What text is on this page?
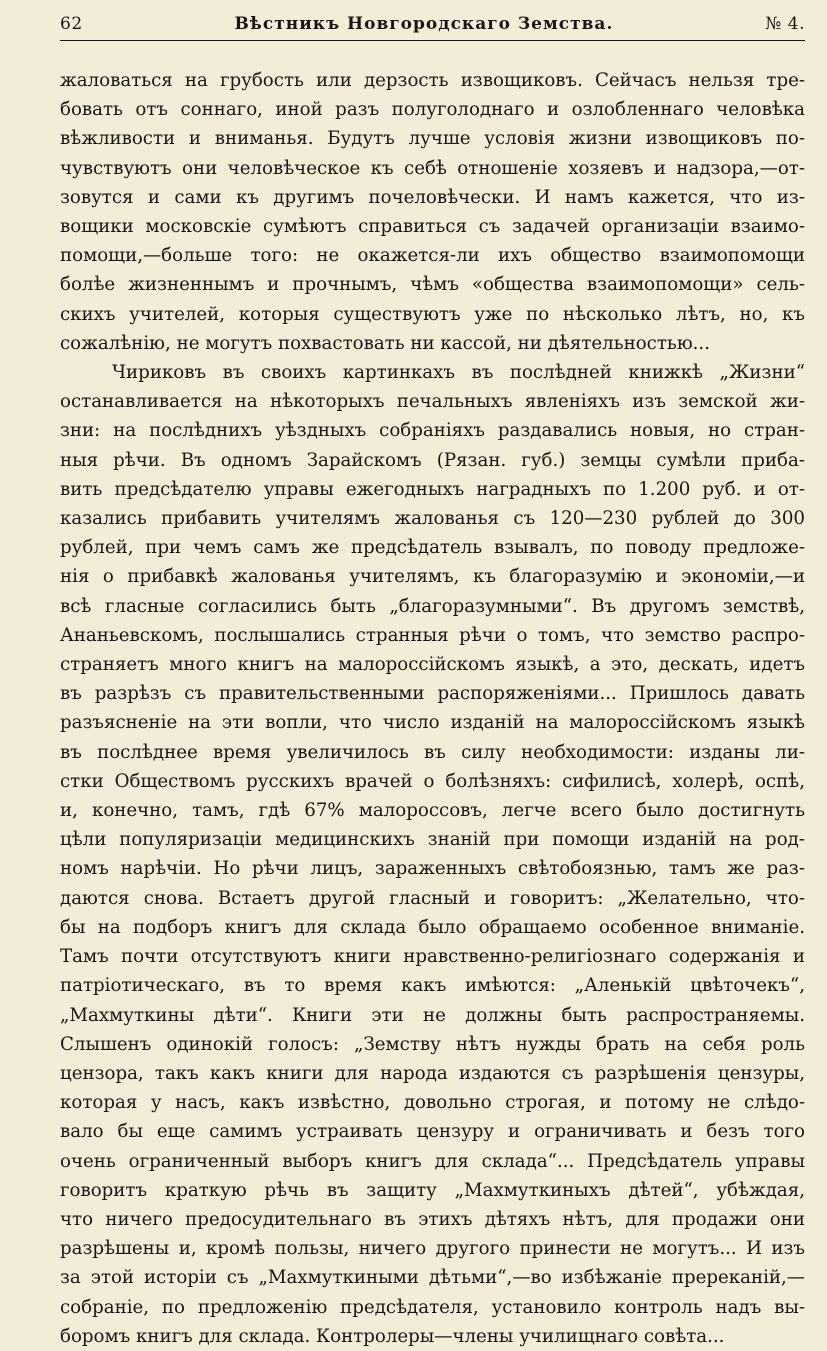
62	Вѣстникъ Новгородскаго Земства.	№ 4.
жаловаться на грубость или дерзость извощиковъ. Сейчасъ нельзя тре-
бовать отъ соннаго, иной разъ полуголоднаго и озлобленнаго человѣка
вѣжливости и вниманья. Будутъ лучше условія жизни извощиковъ по-
чувствуютъ они человѣческое къ себѣ отношеніе хозяевъ и надзора,—от-
зовутся и сами къ другимъ почеловѣчески. И намъ кажется, что из-
вощики московскіе сумѣютъ справиться съ задачей организаціи взаимо-
помощи,—больше того: не окажется-ли ихъ общество взаимопомощи
болѣе жизненнымъ и прочнымъ, чѣмъ «общества взаимопомощи» сель-
скихъ учителей, которыя существуютъ уже по нѣсколько лѣтъ, но, къ
сожалѣнію, не могутъ похвастовать ни кассой, ни дѣятельностью...
Чириковъ въ своихъ картинкахъ въ послѣдней книжкѣ „Жизни“
останавливается на нѣкоторыхъ печальныхъ явленіяхъ изъ земской жи-
зни: на послѣднихъ уѣздныхъ собраніяхъ раздавались новыя, но стран-
ныя рѣчи. Въ одномъ Зарайскомъ (Рязан. губ.) земцы сумѣли приба-
вить предсѣдателю управы ежегодныхъ наградныхъ по 1.200 руб. и от-
казались прибавить учителямъ жалованья съ 120—230 рублей до 300
рублей, при чемъ самъ же предсѣдатель взывалъ, по поводу предложе-
нія о прибавкѣ жалованья учителямъ, къ благоразумію и экономіи,—и
всѣ гласные согласились быть „благоразумными“. Въ другомъ земствѣ,
Ананьевскомъ, послышались странныя рѣчи о томъ, что земство распро-
страняетъ много книгъ на малороссійскомъ языкѣ, а это, дескать, идетъ
въ разрѣзъ съ правительственными распоряженіями... Пришлось давать
разъясненіе на эти вопли, что число изданій на малороссійскомъ языкѣ
въ послѣднее время увеличилось въ силу необходимости: изданы ли-
стки Обществомъ русскихъ врачей о болѣзняхъ: сифилисѣ, холерѣ, оспѣ,
и, конечно, тамъ, гдѣ 67% малороссовъ, легче всего было достигнуть
цѣли популяризаціи медицинскихъ знаній при помощи изданій на род-
номъ нарѣчіи. Но рѣчи лицъ, зараженныхъ свѣтобоязнью, тамъ же раз-
даются снова. Встаетъ другой гласный и говоритъ: „Желательно, что-
бы на подборъ книгъ для склада было обращаемо особенное вниманіе.
Тамъ почти отсутствуютъ книги нравственно-религіознаго содержанія и
патріотическаго, въ то время какъ имѣются: „Аленькій цвѣточекъ“,
„Махмуткины дѣти“. Книги эти не должны быть распространяемы.
Слышенъ одинокій голосъ: „Земству нѣтъ нужды брать на себя роль
цензора, такъ какъ книги для народа издаются съ разрѣшенія цензуры,
которая у насъ, какъ извѣстно, довольно строгая, и потому не слѣдо-
вало бы еще самимъ устраивать цензуру и ограничивать и безъ того
очень ограниченный выборъ книгъ для склада“... Предсѣдатель управы
говоритъ краткую рѣчь въ защиту „Махмуткиныхъ дѣтей“, убѣждая,
что ничего предосудительнаго въ этихъ дѣтяхъ нѣтъ, для продажи они
разрѣшены и, кромѣ пользы, ничего другого принести не могутъ... И изъ
за этой исторіи съ „Махмуткиными дѣтьми“,—во избѣжаніе пререканій,—
собраніе, по предложенію предсѣдателя, установило контроль надъ вы-
боромъ книгъ для склада. Контролеры—члены училищнаго совѣта...
